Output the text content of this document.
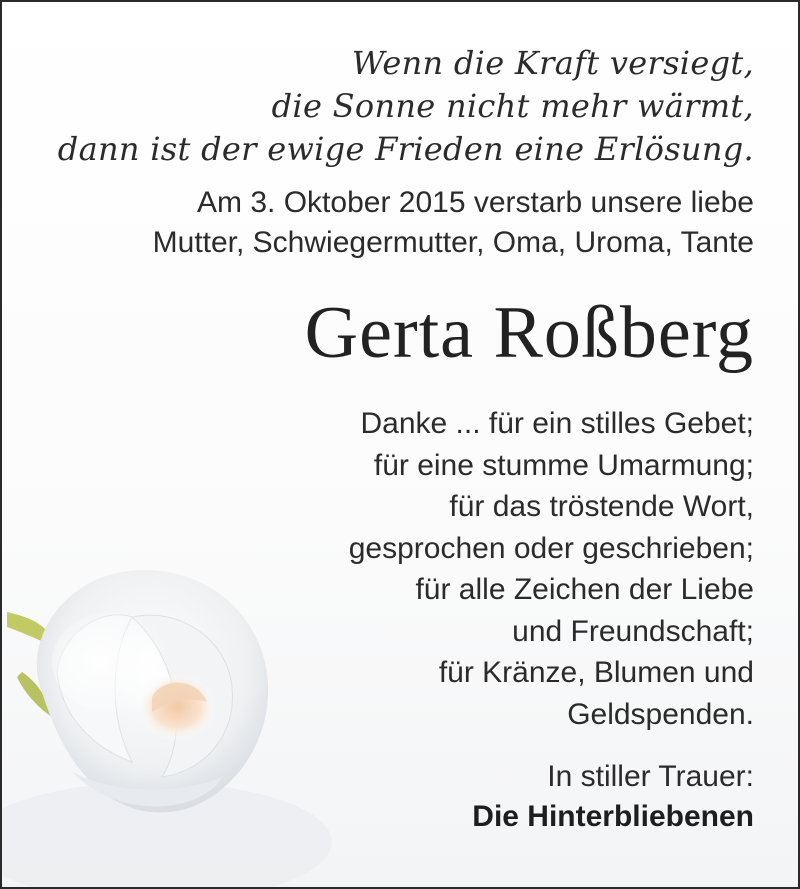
Wenn die Kraft versiegt,
die Sonne nicht mehr wärmt,
dann ist der ewige Frieden eine Erlösung.
Am 3. Oktober 2015 verstarb unsere liebe
Mutter, Schwiegermutter, Oma, Uroma, Tante
Gerta Roßberg
Danke ... für ein stilles Gebet;
für eine stumme Umarmung;
für das tröstende Wort,
gesprochen oder geschrieben;
für alle Zeichen der Liebe
und Freundschaft;
für Kränze, Blumen und
Geldspenden.
In stiller Trauer:
Die Hinterbliebenen
